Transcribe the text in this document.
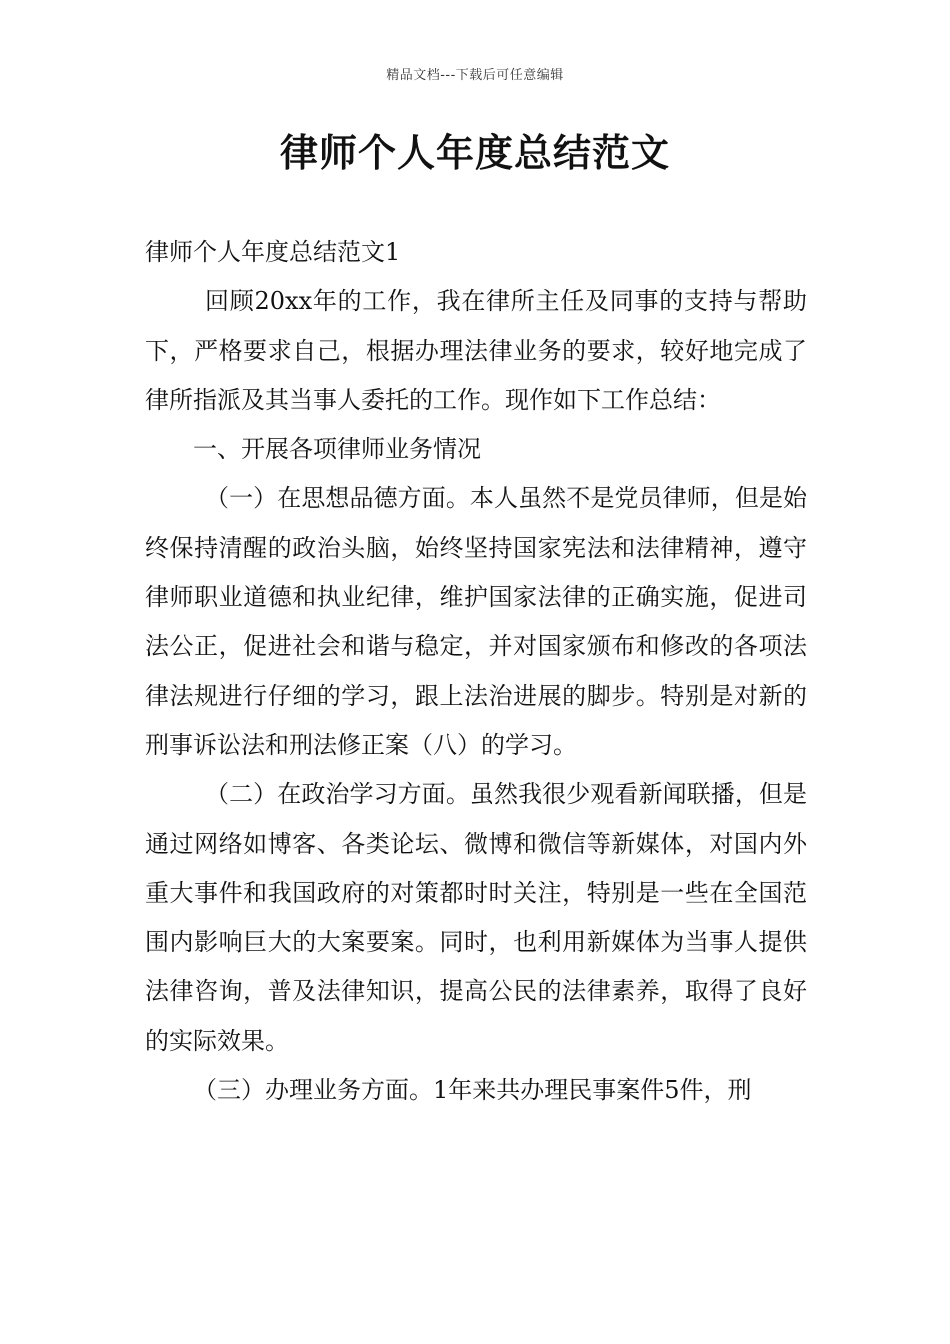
精品文档---下载后可任意编辑
律师个人年度总结范文

律师个人年度总结范文1

回顾20xx年的工作，我在律所主任及同事的支持与帮助下，严格要求自己，根据办理法律业务的要求，较好地完成了律所指派及其当事人委托的工作。现作如下工作总结：

一、开展各项律师业务情况

（一）在思想品德方面。本人虽然不是党员律师，但是始终保持清醒的政治头脑，始终坚持国家宪法和法律精神，遵守律师职业道德和执业纪律，维护国家法律的正确实施，促进司法公正，促进社会和谐与稳定，并对国家颁布和修改的各项法律法规进行仔细的学习，跟上法治进展的脚步。特别是对新的刑事诉讼法和刑法修正案（八）的学习。

（二）在政治学习方面。虽然我很少观看新闻联播，但是通过网络如博客、各类论坛、微博和微信等新媒体，对国内外重大事件和我国政府的对策都时时关注，特别是一些在全国范围内影响巨大的大案要案。同时，也利用新媒体为当事人提供法律咨询，普及法律知识，提高公民的法律素养，取得了良好的实际效果。

（三）办理业务方面。1年来共办理民事案件5件，刑
